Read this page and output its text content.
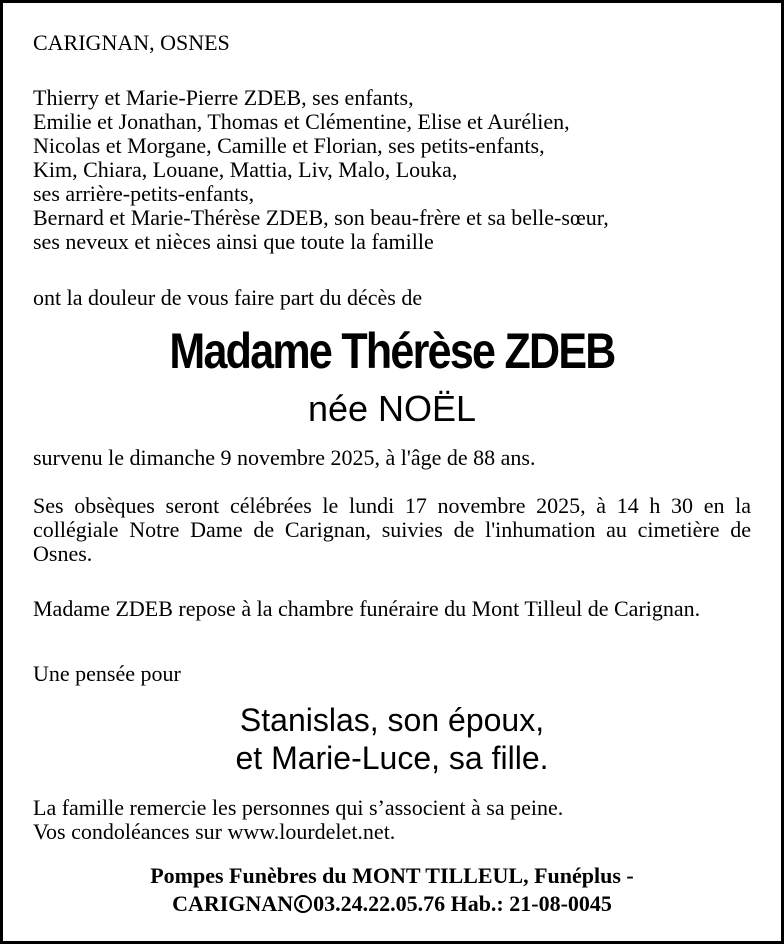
CARIGNAN, OSNES

Thierry et Marie-Pierre ZDEB, ses enfants,
Emilie et Jonathan, Thomas et Clémentine, Elise et Aurélien,
Nicolas et Morgane, Camille et Florian, ses petits-enfants,
Kim, Chiara, Louane, Mattia, Liv, Malo, Louka,
ses arrière-petits-enfants,
Bernard et Marie-Thérèse ZDEB, son beau-frère et sa belle-sœur,
ses neveux et nièces ainsi que toute la famille

ont la douleur de vous faire part du décès de

Madame Thérèse ZDEB
née NOËL

survenu le dimanche 9 novembre 2025, à l'âge de 88 ans.

Ses obsèques seront célébrées le lundi 17 novembre 2025, à 14 h 30 en la collégiale Notre Dame de Carignan, suivies de l'inhumation au cimetière de Osnes.

Madame ZDEB repose à la chambre funéraire du Mont Tilleul de Carignan.

Une pensée pour

Stanislas, son époux,
et Marie-Luce, sa fille.

La famille remercie les personnes qui s’associent à sa peine.
Vos condoléances sur www.lourdelet.net.

Pompes Funèbres du MONT TILLEUL, Funéplus -
CARIGNAN 03.24.22.05.76 Hab.: 21-08-0045
